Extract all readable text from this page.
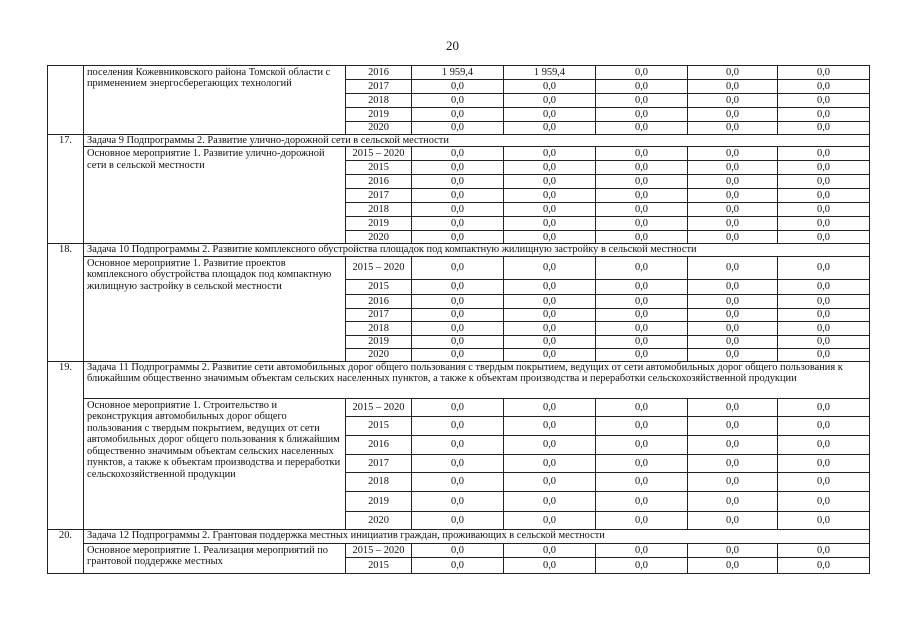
20
	поселения Кожевниковского района Томской области с применением энергосберегающих технологий	2016	1 959,4	1 959,4	0,0	0,0	0,0
		2017	0,0	0,0	0,0	0,0	0,0
		2018	0,0	0,0	0,0	0,0	0,0
		2019	0,0	0,0	0,0	0,0	0,0
		2020	0,0	0,0	0,0	0,0	0,0
17.	Задача 9 Подпрограммы 2. Развитие улично-дорожной сети в сельской местности						
	Основное мероприятие 1. Развитие улично-дорожной сети в сельской местности	2015 – 2020	0,0	0,0	0,0	0,0	0,0
		2015	0,0	0,0	0,0	0,0	0,0
		2016	0,0	0,0	0,0	0,0	0,0
		2017	0,0	0,0	0,0	0,0	0,0
		2018	0,0	0,0	0,0	0,0	0,0
		2019	0,0	0,0	0,0	0,0	0,0
		2020	0,0	0,0	0,0	0,0	0,0
18.	Задача 10 Подпрограммы 2. Развитие комплексного обустройства площадок под компактную жилищную застройку в сельской местности						
	Основное мероприятие 1. Развитие проектов комплексного обустройства площадок под компактную жилищную застройку в сельской местности	2015 – 2020	0,0	0,0	0,0	0,0	0,0
		2015	0,0	0,0	0,0	0,0	0,0
		2016	0,0	0,0	0,0	0,0	0,0
		2017	0,0	0,0	0,0	0,0	0,0
		2018	0,0	0,0	0,0	0,0	0,0
		2019	0,0	0,0	0,0	0,0	0,0
		2020	0,0	0,0	0,0	0,0	0,0
19.	Задача 11 Подпрограммы 2. Развитие сети автомобильных дорог общего пользования с твердым покрытием, ведущих от сети автомобильных дорог общего пользования к ближайшим общественно значимым объектам сельских населенных пунктов, а также к объектам производства и переработки сельскохозяйственной продукции						
	Основное мероприятие 1. Строительство и реконструкция автомобильных дорог общего пользования с твердым покрытием, ведущих от сети автомобильных дорог общего пользования к ближайшим общественно значимым объектам сельских населенных пунктов, а также к объектам производства и переработки сельскохозяйственной продукции	2015 – 2020	0,0	0,0	0,0	0,0	0,0
		2015	0,0	0,0	0,0	0,0	0,0
		2016	0,0	0,0	0,0	0,0	0,0
		2017	0,0	0,0	0,0	0,0	0,0
		2018	0,0	0,0	0,0	0,0	0,0
		2019	0,0	0,0	0,0	0,0	0,0
		2020	0,0	0,0	0,0	0,0	0,0
20.	Задача 12 Подпрограммы 2. Грантовая поддержка местных инициатив граждан, проживающих в сельской местности						
	Основное мероприятие 1. Реализация мероприятий по грантовой поддержке местных	2015 – 2020	0,0	0,0	0,0	0,0	0,0
		2015	0,0	0,0	0,0	0,0	0,0
